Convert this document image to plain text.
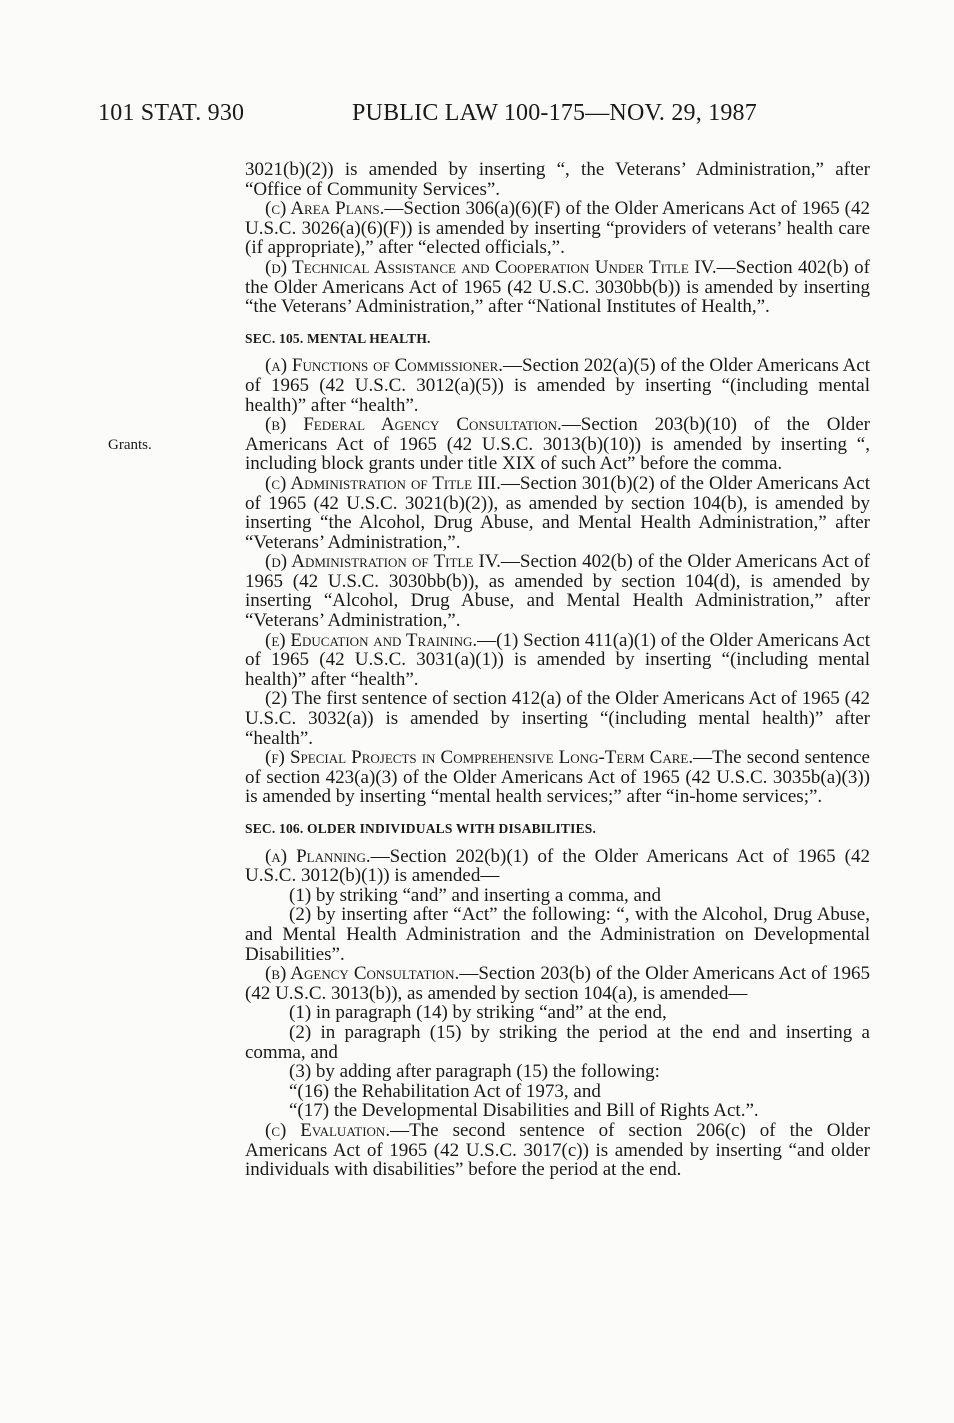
101 STAT. 930	PUBLIC LAW 100-175—NOV. 29, 1987
Grants.

3021(b)(2)) is amended by inserting “, the Veterans’ Administration,” after “Office of Community Services”.

(c) Area Plans.—Section 306(a)(6)(F) of the Older Americans Act of 1965 (42 U.S.C. 3026(a)(6)(F)) is amended by inserting “providers of veterans’ health care (if appropriate),” after “elected officials,”.

(d) Technical Assistance and Cooperation Under Title IV.—Section 402(b) of the Older Americans Act of 1965 (42 U.S.C. 3030bb(b)) is amended by inserting “the Veterans’ Administration,” after “National Institutes of Health,”.

SEC. 105. MENTAL HEALTH.

(a) Functions of Commissioner.—Section 202(a)(5) of the Older Americans Act of 1965 (42 U.S.C. 3012(a)(5)) is amended by inserting “(including mental health)” after “health”.

(b) Federal Agency Consultation.—Section 203(b)(10) of the Older Americans Act of 1965 (42 U.S.C. 3013(b)(10)) is amended by inserting “, including block grants under title XIX of such Act” before the comma.

(c) Administration of Title III.—Section 301(b)(2) of the Older Americans Act of 1965 (42 U.S.C. 3021(b)(2)), as amended by section 104(b), is amended by inserting “the Alcohol, Drug Abuse, and Mental Health Administration,” after “Veterans’ Administration,”.

(d) Administration of Title IV.—Section 402(b) of the Older Americans Act of 1965 (42 U.S.C. 3030bb(b)), as amended by section 104(d), is amended by inserting “Alcohol, Drug Abuse, and Mental Health Administration,” after “Veterans’ Administration,”.

(e) Education and Training.—(1) Section 411(a)(1) of the Older Americans Act of 1965 (42 U.S.C. 3031(a)(1)) is amended by inserting “(including mental health)” after “health”.

(2) The first sentence of section 412(a) of the Older Americans Act of 1965 (42 U.S.C. 3032(a)) is amended by inserting “(including mental health)” after “health”.

(f) Special Projects in Comprehensive Long-Term Care.—The second sentence of section 423(a)(3) of the Older Americans Act of 1965 (42 U.S.C. 3035b(a)(3)) is amended by inserting “mental health services;” after “in-home services;”.

SEC. 106. OLDER INDIVIDUALS WITH DISABILITIES.

(a) Planning.—Section 202(b)(1) of the Older Americans Act of 1965 (42 U.S.C. 3012(b)(1)) is amended—

(1) by striking “and” and inserting a comma, and

(2) by inserting after “Act” the following: “, with the Alcohol, Drug Abuse, and Mental Health Administration and the Administration on Developmental Disabilities”.

(b) Agency Consultation.—Section 203(b) of the Older Americans Act of 1965 (42 U.S.C. 3013(b)), as amended by section 104(a), is amended—

(1) in paragraph (14) by striking “and” at the end,

(2) in paragraph (15) by striking the period at the end and inserting a comma, and

(3) by adding after paragraph (15) the following:

“(16) the Rehabilitation Act of 1973, and

“(17) the Developmental Disabilities and Bill of Rights Act.”.

(c) Evaluation.—The second sentence of section 206(c) of the Older Americans Act of 1965 (42 U.S.C. 3017(c)) is amended by inserting “and older individuals with disabilities” before the period at the end.
